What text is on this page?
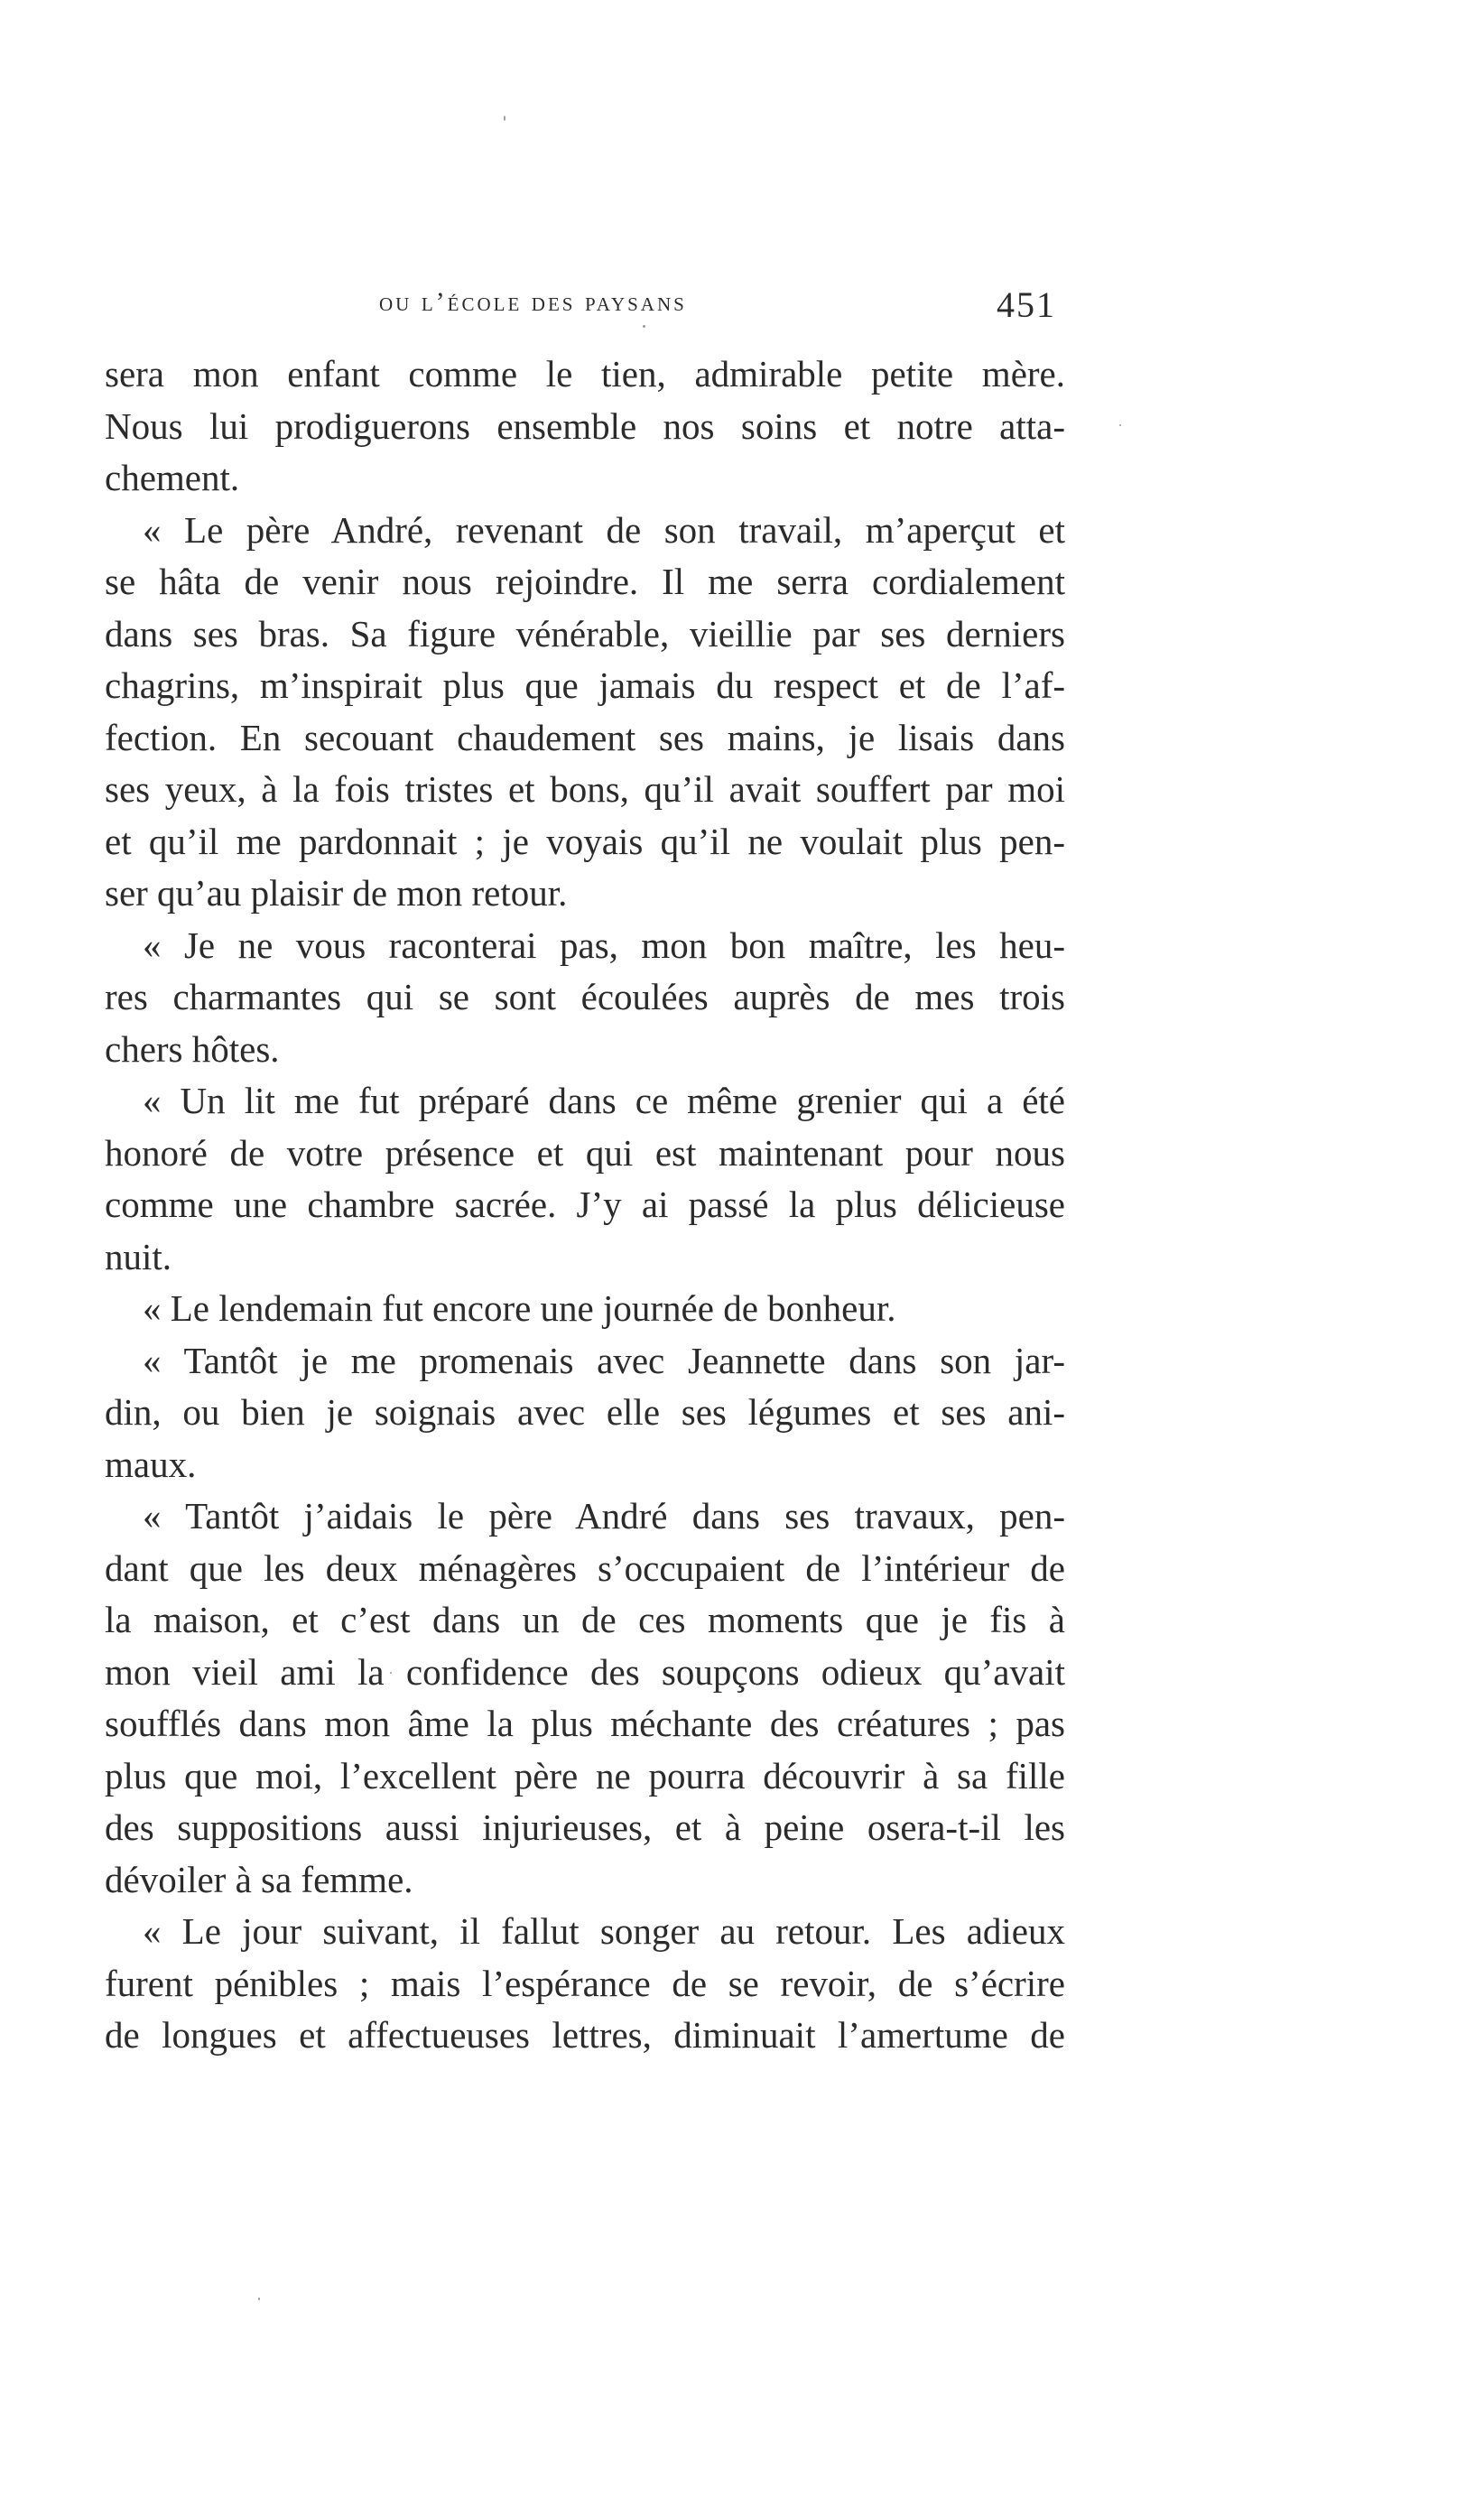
ou l’école des paysans	451

sera mon enfant comme le tien, admirable petite mère.
Nous lui prodiguerons ensemble nos soins et notre atta-
chement.

« Le père André, revenant de son travail, m’aperçut et
se hâta de venir nous rejoindre. Il me serra cordialement
dans ses bras. Sa figure vénérable, vieillie par ses derniers
chagrins, m’inspirait plus que jamais du respect et de l’af-
fection. En secouant chaudement ses mains, je lisais dans
ses yeux, à la fois tristes et bons, qu’il avait souffert par moi
et qu’il me pardonnait ; je voyais qu’il ne voulait plus pen-
ser qu’au plaisir de mon retour.

« Je ne vous raconterai pas, mon bon maître, les heu-
res charmantes qui se sont écoulées auprès de mes trois
chers hôtes.

« Un lit me fut préparé dans ce même grenier qui a été
honoré de votre présence et qui est maintenant pour nous
comme une chambre sacrée. J’y ai passé la plus délicieuse
nuit.

« Le lendemain fut encore une journée de bonheur.

« Tantôt je me promenais avec Jeannette dans son jar-
din, ou bien je soignais avec elle ses légumes et ses ani-
maux.

« Tantôt j’aidais le père André dans ses travaux, pen-
dant que les deux ménagères s’occupaient de l’intérieur de
la maison, et c’est dans un de ces moments que je fis à
mon vieil ami la confidence des soupçons odieux qu’avait
soufflés dans mon âme la plus méchante des créatures ; pas
plus que moi, l’excellent père ne pourra découvrir à sa fille
des suppositions aussi injurieuses, et à peine osera-t-il les
dévoiler à sa femme.

« Le jour suivant, il fallut songer au retour. Les adieux
furent pénibles ; mais l’espérance de se revoir, de s’écrire
de longues et affectueuses lettres, diminuait l’amertume de
